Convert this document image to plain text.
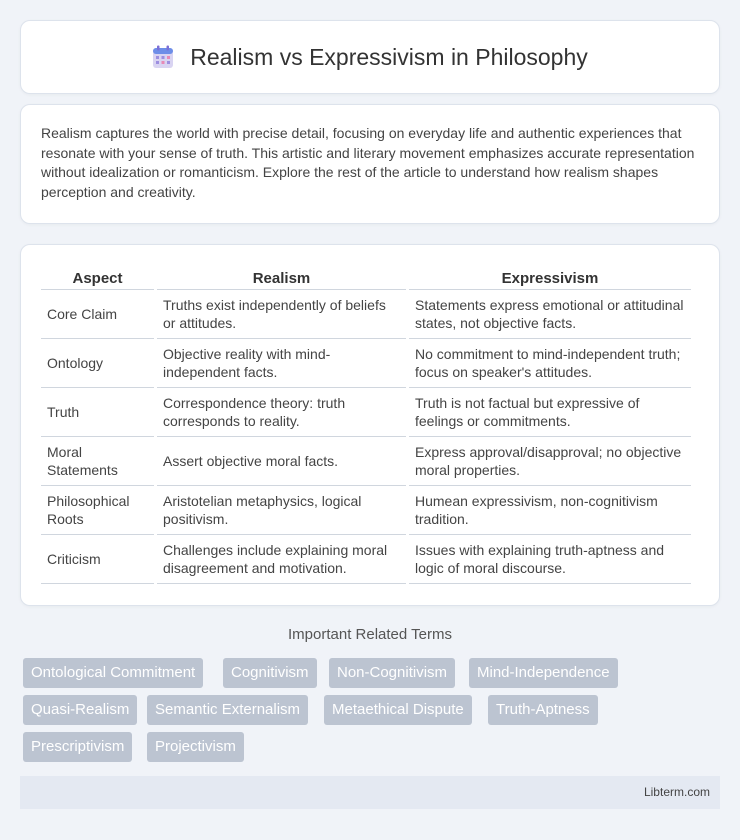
Realism vs Expressivism in Philosophy

Realism captures the world with precise detail, focusing on everyday life and authentic experiences that resonate with your sense of truth. This artistic and literary movement emphasizes accurate representation without idealization or romanticism. Explore the rest of the article to understand how realism shapes perception and creativity.

Aspect	Realism	Expressivism
Core Claim	Truths exist independently of beliefs or attitudes.	Statements express emotional or attitudinal states, not objective facts.
Ontology	Objective reality with mind-independent facts.	No commitment to mind-independent truth; focus on speaker's attitudes.
Truth	Correspondence theory: truth corresponds to reality.	Truth is not factual but expressive of feelings or commitments.
Moral Statements	Assert objective moral facts.	Express approval/disapproval; no objective moral properties.
Philosophical Roots	Aristotelian metaphysics, logical positivism.	Humean expressivism, non-cognitivism tradition.
Criticism	Challenges include explaining moral disagreement and motivation.	Issues with explaining truth-aptness and logic of moral discourse.
Important Related Terms
Ontological Commitment	Cognitivism	Non-Cognitivism	Mind-Independence
Quasi-Realism	Semantic Externalism	Metaethical Dispute	Truth-Aptness
Prescriptivism	Projectivism
Libterm.com
